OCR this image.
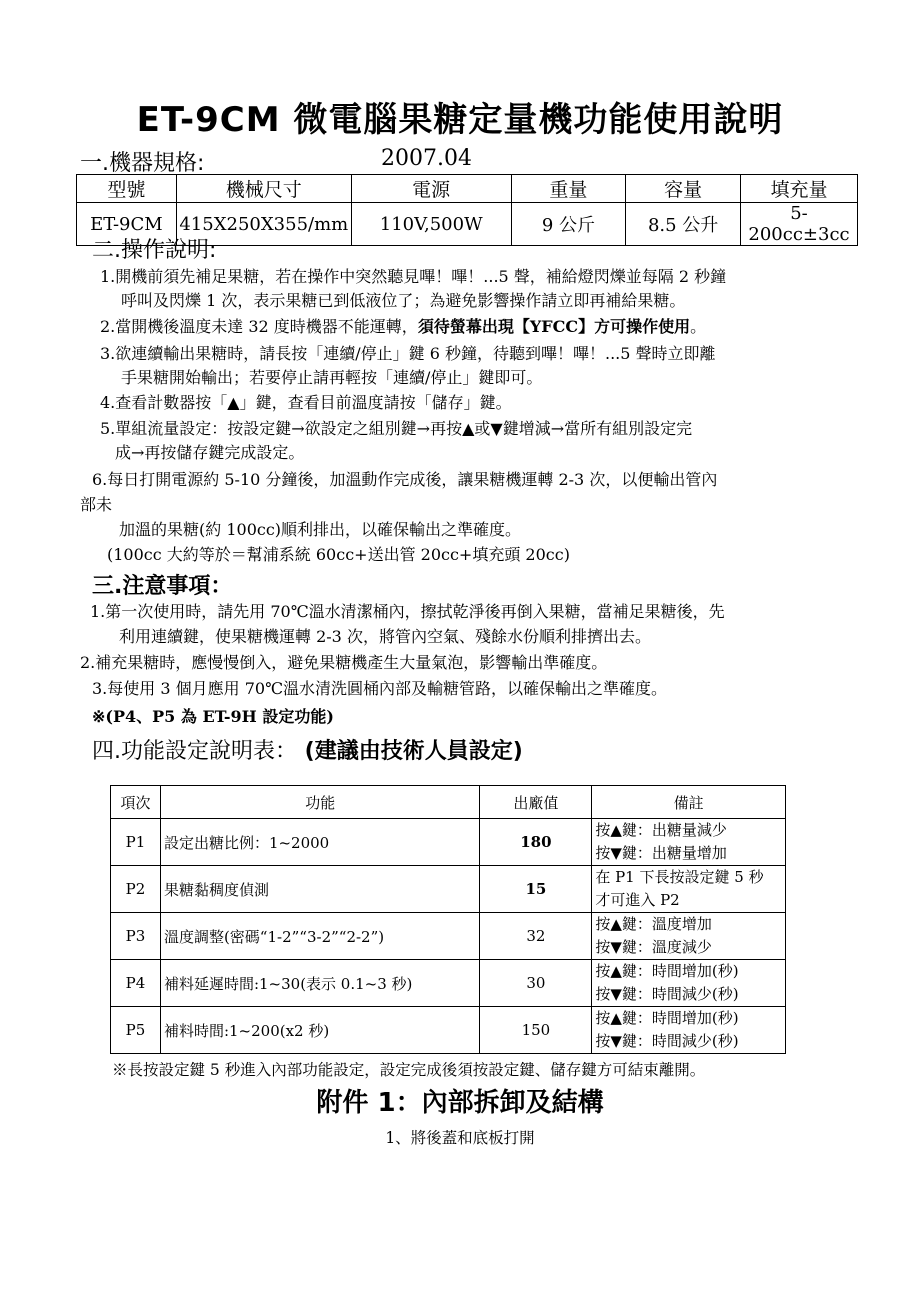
ET-9CM 微電腦果糖定量機功能使用說明
一.機器規格:	2007.04
型號	機械尺寸	電源	重量	容量	填充量
ET-9CM	415X250X355/mm	110V,500W	9 公斤	8.5 公升	5-200cc±3cc
二.操作說明:
1.開機前須先補足果糖，若在操作中突然聽見嗶！嗶！...5 聲，補給燈閃爍並每隔 2 秒鐘
呼叫及閃爍 1 次，表示果糖已到低液位了；為避免影響操作請立即再補給果糖。
2.當開機後溫度未達 32 度時機器不能運轉，須待螢幕出現【YFCC】方可操作使用。
3.欲連續輸出果糖時，請長按「連續/停止」鍵 6 秒鐘，待聽到嗶！嗶！...5 聲時立即離
手果糖開始輸出；若要停止請再輕按「連續/停止」鍵即可。
4.查看計數器按「▲」鍵，查看目前溫度請按「儲存」鍵。
5.單組流量設定：按設定鍵→欲設定之組別鍵→再按▲或▼鍵增減→當所有組別設定完
成→再按儲存鍵完成設定。
6.每日打開電源約 5-10 分鐘後，加溫動作完成後，讓果糖機運轉 2-3 次，以便輸出管內
部未
加溫的果糖(約 100cc)順利排出，以確保輸出之準確度。
(100cc 大約等於＝幫浦系統 60cc+送出管 20cc+填充頭 20cc)
三.注意事項：
1.第一次使用時，請先用 70℃溫水清潔桶內，擦拭乾淨後再倒入果糖，當補足果糖後，先
利用連續鍵，使果糖機運轉 2-3 次，將管內空氣、殘餘水份順利排擠出去。
2.補充果糖時，應慢慢倒入，避免果糖機產生大量氣泡，影響輸出準確度。
3.每使用 3 個月應用 70℃溫水清洗圓桶內部及輸糖管路，以確保輸出之準確度。
※(P4、P5 為 ET-9H 設定功能)
四.功能設定說明表： (建議由技術人員設定)
項次	功能	出廠值	備註
P1	設定出糖比例：1~2000	180	按▲鍵：出糖量減少
按▼鍵：出糖量增加

P2	果糖黏稠度偵測	15	在 P1 下長按設定鍵 5 秒
才可進入 P2

P3	溫度調整(密碼“1-2”“3-2”“2-2”)	32	按▲鍵：溫度增加
按▼鍵：溫度減少

P4	補料延遲時間:1~30(表示 0.1~3 秒)	30	按▲鍵：時間增加(秒)
按▼鍵：時間減少(秒)

P5	補料時間:1~200(x2 秒)	150	按▲鍵：時間增加(秒)
按▼鍵：時間減少(秒)
※長按設定鍵 5 秒進入內部功能設定，設定完成後須按設定鍵、儲存鍵方可結束離開。
附件 1：內部拆卸及結構
1、將後蓋和底板打開
